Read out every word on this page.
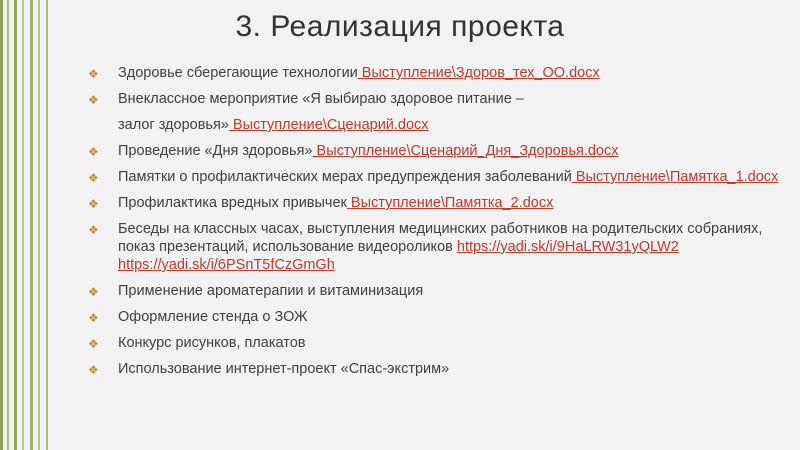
3. Реализация проекта
❖ Здоровье сберегающие технологии Выступление\Здоров_тех_ОО.docx
❖ Внеклассное мероприятие «Я выбираю здоровое питание –
залог здоровья» Выступление\Сценарий.docx
❖ Проведение «Дня здоровья» Выступление\Сценарий_Дня_Здоровья.docx
❖ Памятки о профилактических мерах предупреждения заболеваний Выступление\Памятка_1.docx
❖ Профилактика вредных привычек Выступление\Памятка_2.docx
❖ Беседы на классных часах, выступления медицинских работников на родительских собраниях, показ презентаций, использование видеороликов https://yadi.sk/i/9HaLRW31yQLW2https://yadi.sk/i/6PSnT5fCzGmGh
❖ Применение ароматерапии и витаминизация
❖ Оформление стенда о ЗОЖ
❖ Конкурс рисунков, плакатов
❖ Использование интернет-проект «Спас-экстрим»
